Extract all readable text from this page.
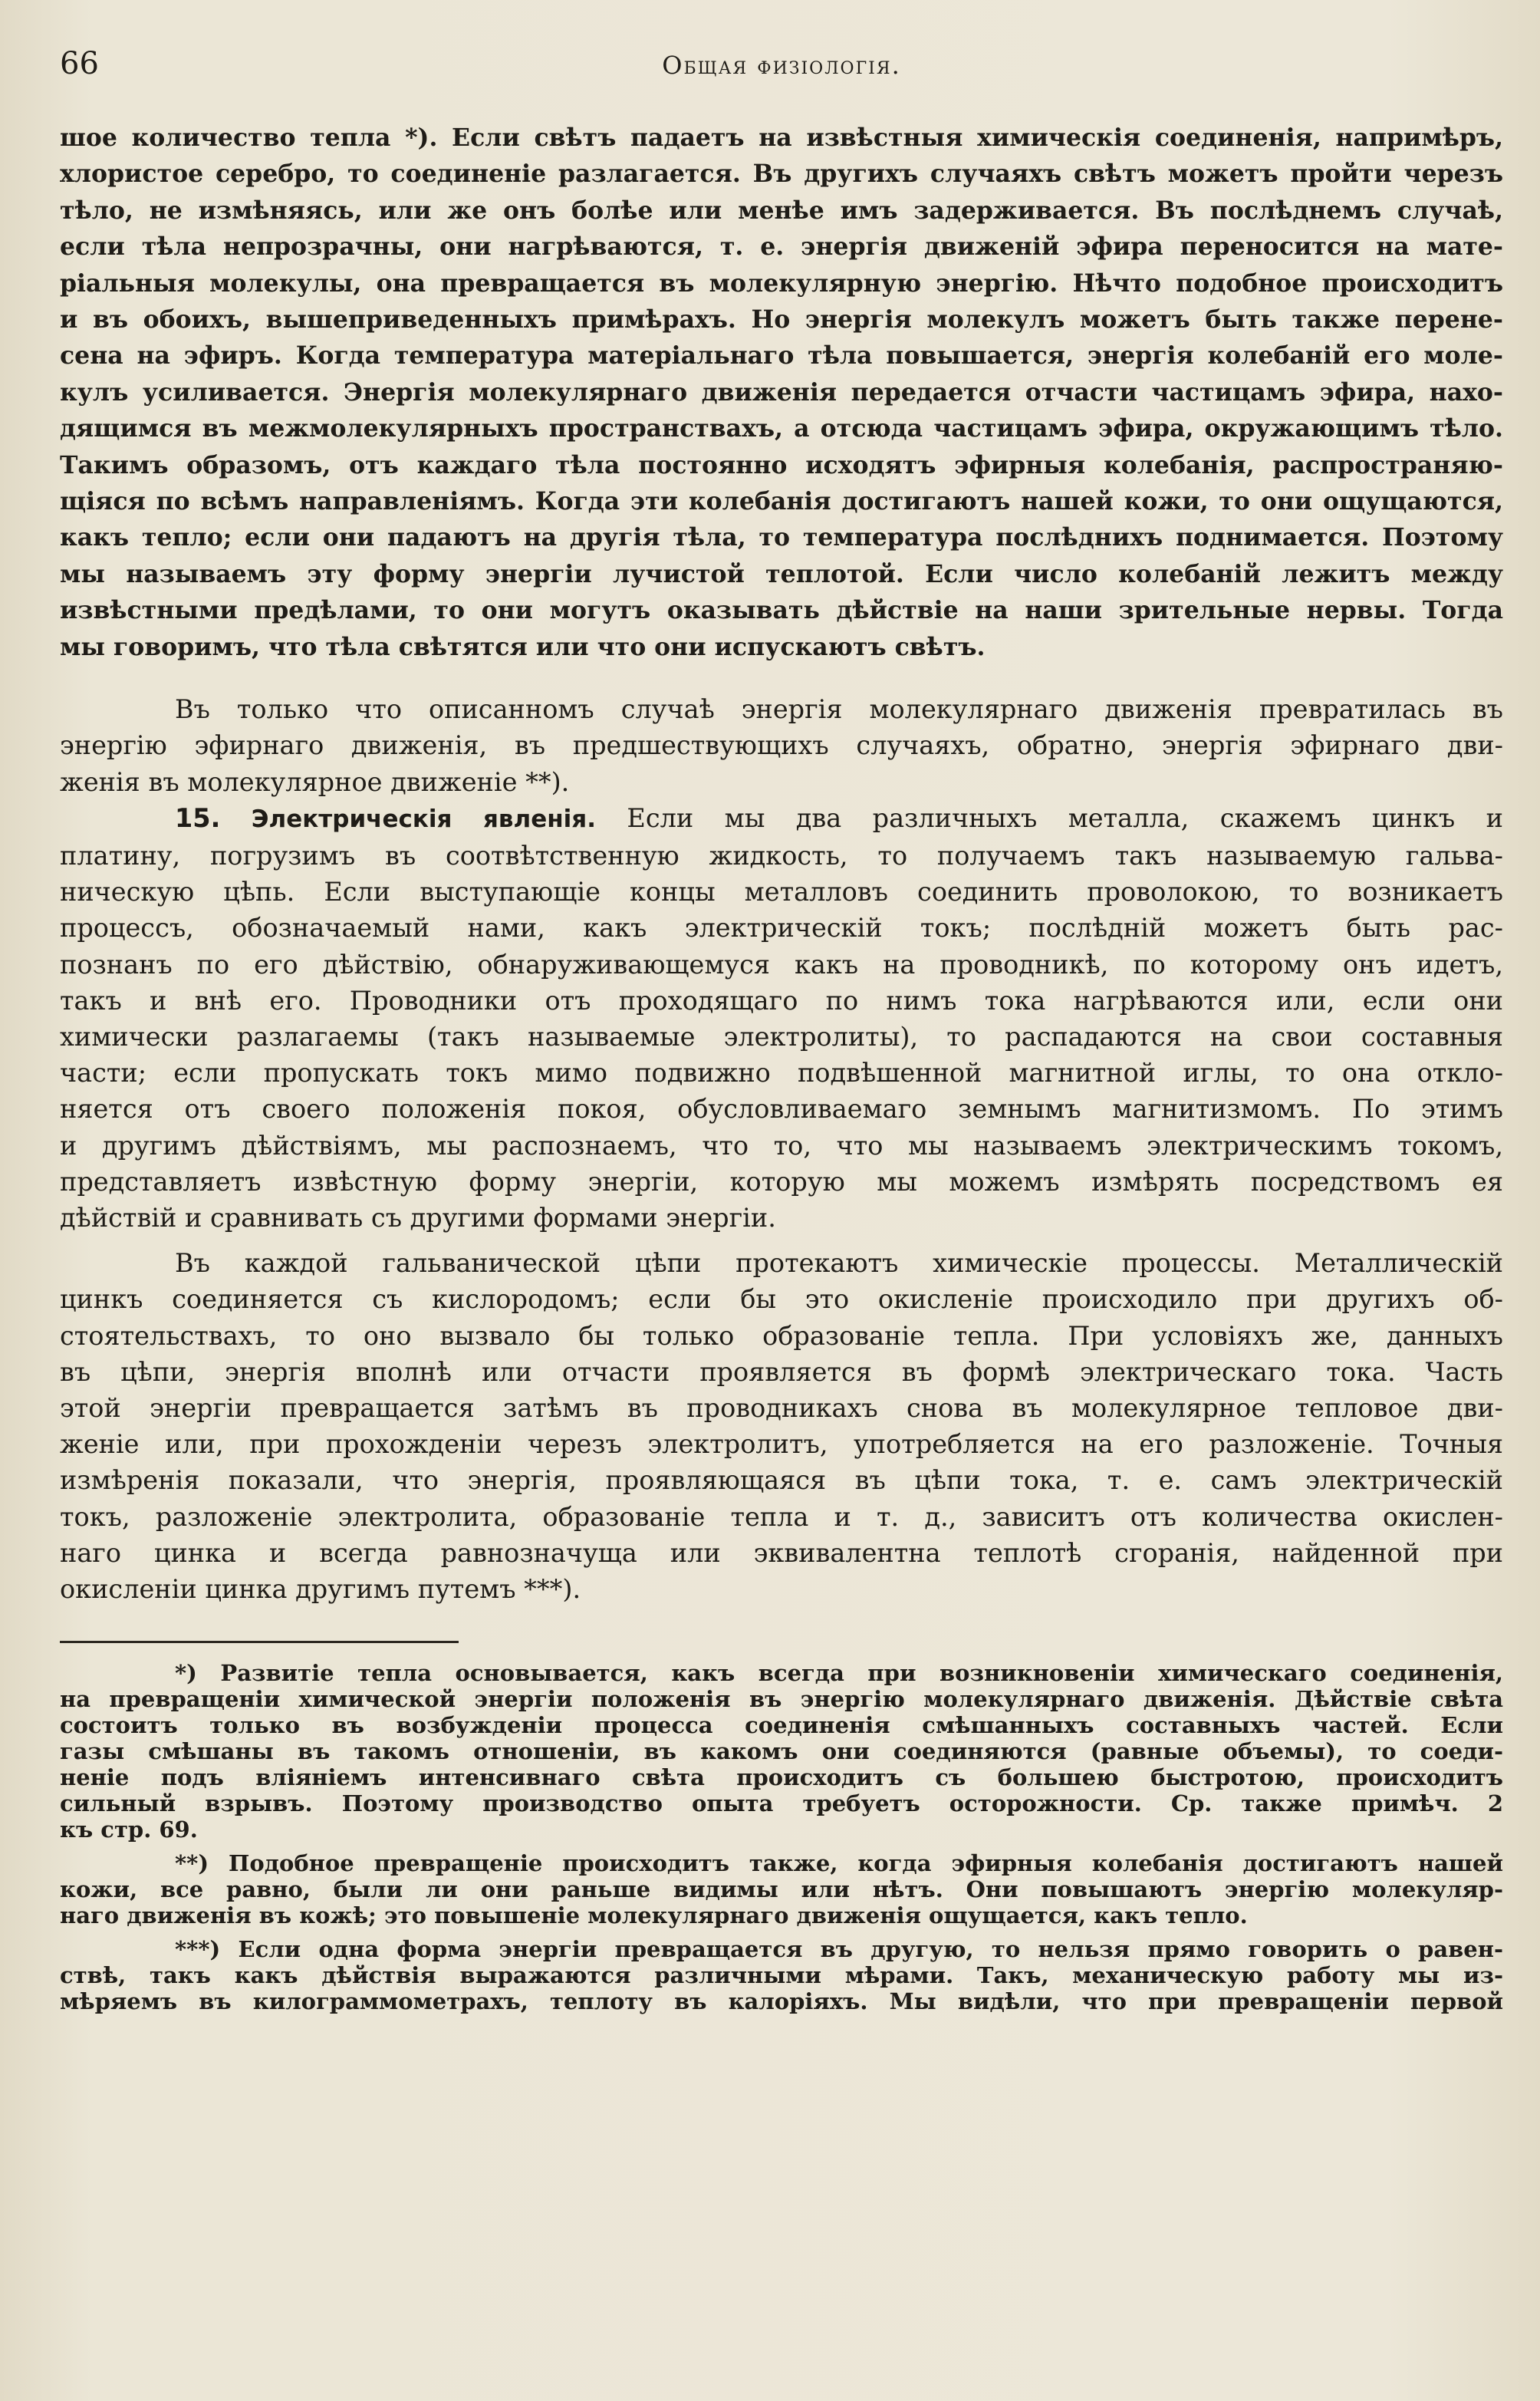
66	Общая физіологія.

шое количество тепла *). Если свѣтъ падаетъ на извѣстныя химическія соединенія, напримѣръ,
хлористое серебро, то соединеніе разлагается. Въ другихъ случаяхъ свѣтъ можетъ пройти черезъ
тѣло, не измѣняясь, или же онъ болѣе или менѣе имъ задерживается. Въ послѣднемъ случаѣ,
если тѣла непрозрачны, они нагрѣваются, т. е. энергія движеній эфира переносится на мате-
ріальныя молекулы, она превращается въ молекулярную энергію. Нѣчто подобное происходитъ
и въ обоихъ, вышеприведенныхъ примѣрахъ. Но энергія молекулъ можетъ быть также перене-
сена на эфиръ. Когда температура матеріальнаго тѣла повышается, энергія колебаній его моле-
кулъ усиливается. Энергія молекулярнаго движенія передается отчасти частицамъ эфира, нахо-
дящимся въ межмолекулярныхъ пространствахъ, а отсюда частицамъ эфира, окружающимъ тѣло.
Такимъ образомъ, отъ каждаго тѣла постоянно исходятъ эфирныя колебанія, распространяю-
щіяся по всѣмъ направленіямъ. Когда эти колебанія достигаютъ нашей кожи, то они ощущаются,
какъ тепло; если они падаютъ на другія тѣла, то температура послѣднихъ поднимается. Поэтому
мы называемъ эту форму энергіи лучистой теплотой. Если число колебаній лежитъ между
извѣстными предѣлами, то они могутъ оказывать дѣйствіе на наши зрительные нервы. Тогда
мы говоримъ, что тѣла свѣтятся или что они испускаютъ свѣтъ.

Въ только что описанномъ случаѣ энергія молекулярнаго движенія превратилась въ
энергію эфирнаго движенія, въ предшествующихъ случаяхъ, обратно, энергія эфирнаго дви-
женія въ молекулярное движеніе **).

15. Электрическія явленія. Если мы два различныхъ металла, скажемъ цинкъ и
платину, погрузимъ въ соотвѣтственную жидкость, то получаемъ такъ называемую гальва-
ническую цѣпь. Если выступающіе концы металловъ соединить проволокою, то возникаетъ
процессъ, обозначаемый нами, какъ электрическій токъ; послѣдній можетъ быть рас-
познанъ по его дѣйствію, обнаруживающемуся какъ на проводникѣ, по которому онъ идетъ,
такъ и внѣ его. Проводники отъ проходящаго по нимъ тока нагрѣваются или, если они
химически разлагаемы (такъ называемые электролиты), то распадаются на свои составныя
части; если пропускать токъ мимо подвижно подвѣшенной магнитной иглы, то она откло-
няется отъ своего положенія покоя, обусловливаемаго земнымъ магнитизмомъ. По этимъ
и другимъ дѣйствіямъ, мы распознаемъ, что то, что мы называемъ электрическимъ токомъ,
представляетъ извѣстную форму энергіи, которую мы можемъ измѣрять посредствомъ ея
дѣйствій и сравнивать съ другими формами энергіи.

Въ каждой гальванической цѣпи протекаютъ химическіе процессы. Металлическій
цинкъ соединяется съ кислородомъ; если бы это окисленіе происходило при другихъ об-
стоятельствахъ, то оно вызвало бы только образованіе тепла. При условіяхъ же, данныхъ
въ цѣпи, энергія вполнѣ или отчасти проявляется въ формѣ электрическаго тока. Часть
этой энергіи превращается затѣмъ въ проводникахъ снова въ молекулярное тепловое дви-
женіе или, при прохожденіи черезъ электролитъ, употребляется на его разложеніе. Точныя
измѣренія показали, что энергія, проявляющаяся въ цѣпи тока, т. е. самъ электрическій
токъ, разложеніе электролита, образованіе тепла и т. д., зависитъ отъ количества окислен-
наго цинка и всегда равнозначуща или эквивалентна теплотѣ сгоранія, найденной при
окисленіи цинка другимъ путемъ ***).

*) Развитіе тепла основывается, какъ всегда при возникновеніи химическаго соединенія,
на превращеніи химической энергіи положенія въ энергію молекулярнаго движенія. Дѣйствіе свѣта
состоитъ только въ возбужденіи процесса соединенія смѣшанныхъ составныхъ частей. Если
газы смѣшаны въ такомъ отношеніи, въ какомъ они соединяются (равные объемы), то соеди-
неніе подъ вліяніемъ интенсивнаго свѣта происходитъ съ большею быстротою, происходитъ
сильный взрывъ. Поэтому производство опыта требуетъ осторожности. Ср. также примѣч. 2
къ стр. 69.

**) Подобное превращеніе происходитъ также, когда эфирныя колебанія достигаютъ нашей
кожи, все равно, были ли они раньше видимы или нѣтъ. Они повышаютъ энергію молекуляр-
наго движенія въ кожѣ; это повышеніе молекулярнаго движенія ощущается, какъ тепло.

***) Если одна форма энергіи превращается въ другую, то нельзя прямо говорить о равен-
ствѣ, такъ какъ дѣйствія выражаются различными мѣрами. Такъ, механическую работу мы из-
мѣряемъ въ килограммометрахъ, теплоту въ калоріяхъ. Мы видѣли, что при превращеніи первой
